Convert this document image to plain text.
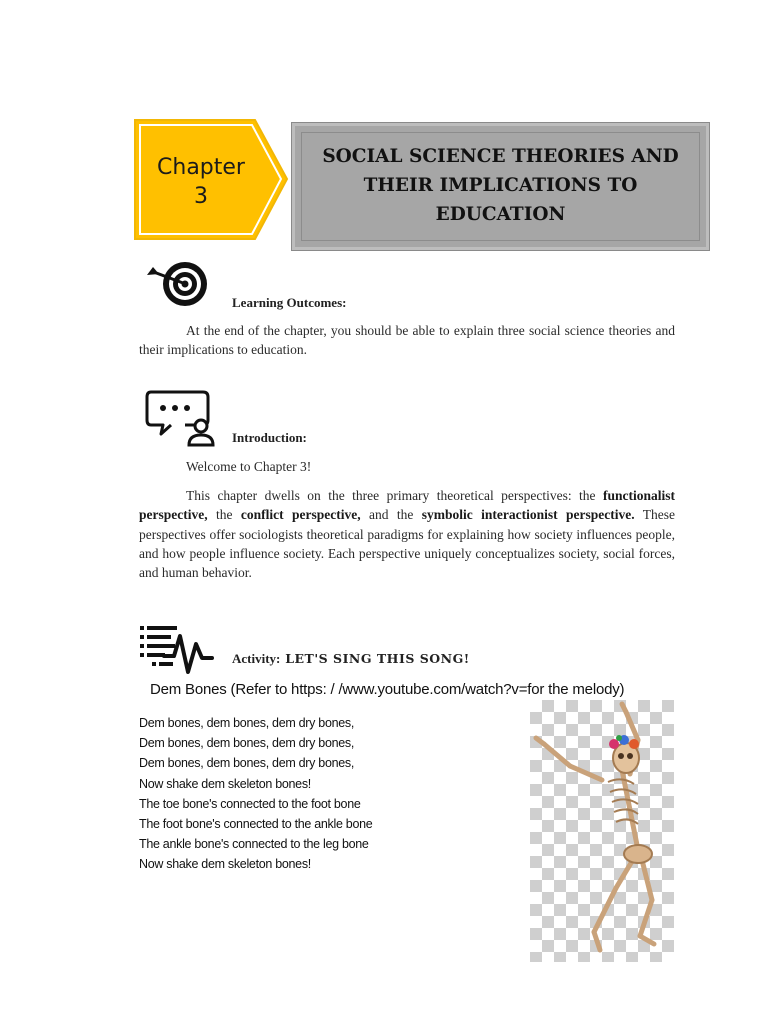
Chapter
3
SOCIAL SCIENCE THEORIES AND
THEIR IMPLICATIONS TO
EDUCATION
Learning Outcomes:
At the end of the chapter, you should be able to explain three social science theories and their implications to education.
Introduction:
Welcome to Chapter 3!
This chapter dwells on the three primary theoretical perspectives: the functionalist perspective, the conflict perspective, and the symbolic interactionist perspective. These perspectives offer sociologists theoretical paradigms for explaining how society influences people, and how people influence society. Each perspective uniquely conceptualizes society, social forces, and human behavior.
Activity: LET'S SING THIS SONG!
Dem Bones (Refer to https: / /www.youtube.com/watch?v=for the melody)
Dem bones, dem bones, dem dry bones,
Dem bones, dem bones, dem dry bones,
Dem bones, dem bones, dem dry bones,
Now shake dem skeleton bones!
The toe bone's connected to the foot bone
The foot bone's connected to the ankle bone
The ankle bone's connected to the leg bone
Now shake dem skeleton bones!
